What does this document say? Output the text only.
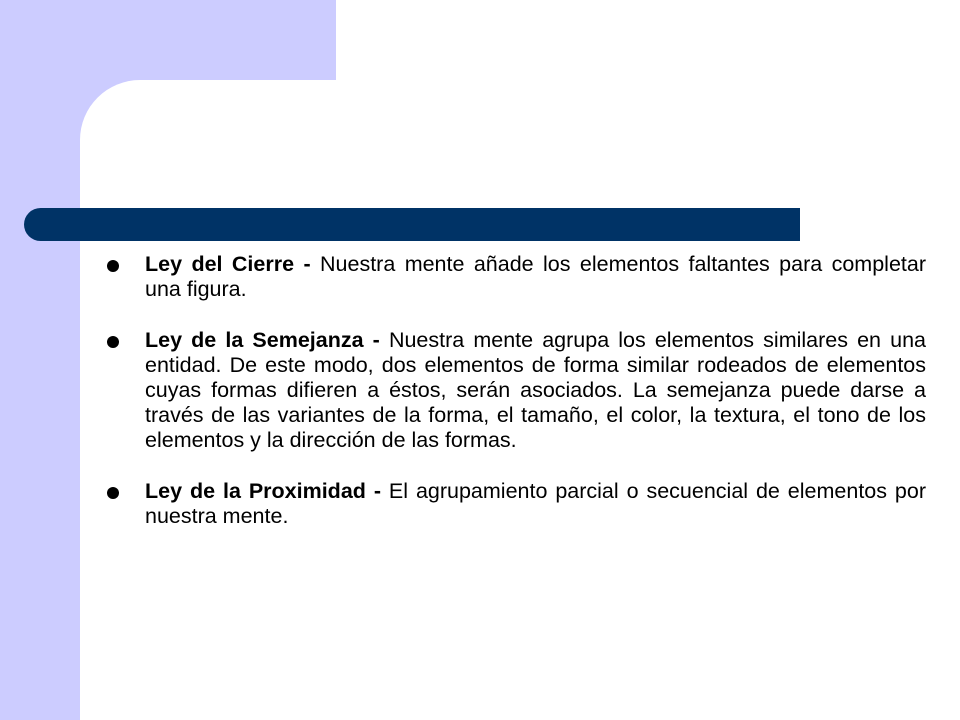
Ley del Cierre - Nuestra mente añade los elementos faltantes para completar una figura.
Ley de la Semejanza - Nuestra mente agrupa los elementos similares en una entidad. De este modo, dos elementos de forma similar rodeados de elementos cuyas formas difieren a éstos, serán asociados. La semejanza puede darse a través de las variantes de la forma, el tamaño, el color, la textura, el tono de los elementos y la dirección de las formas.
Ley de la Proximidad - El agrupamiento parcial o secuencial de elementos por nuestra mente.
